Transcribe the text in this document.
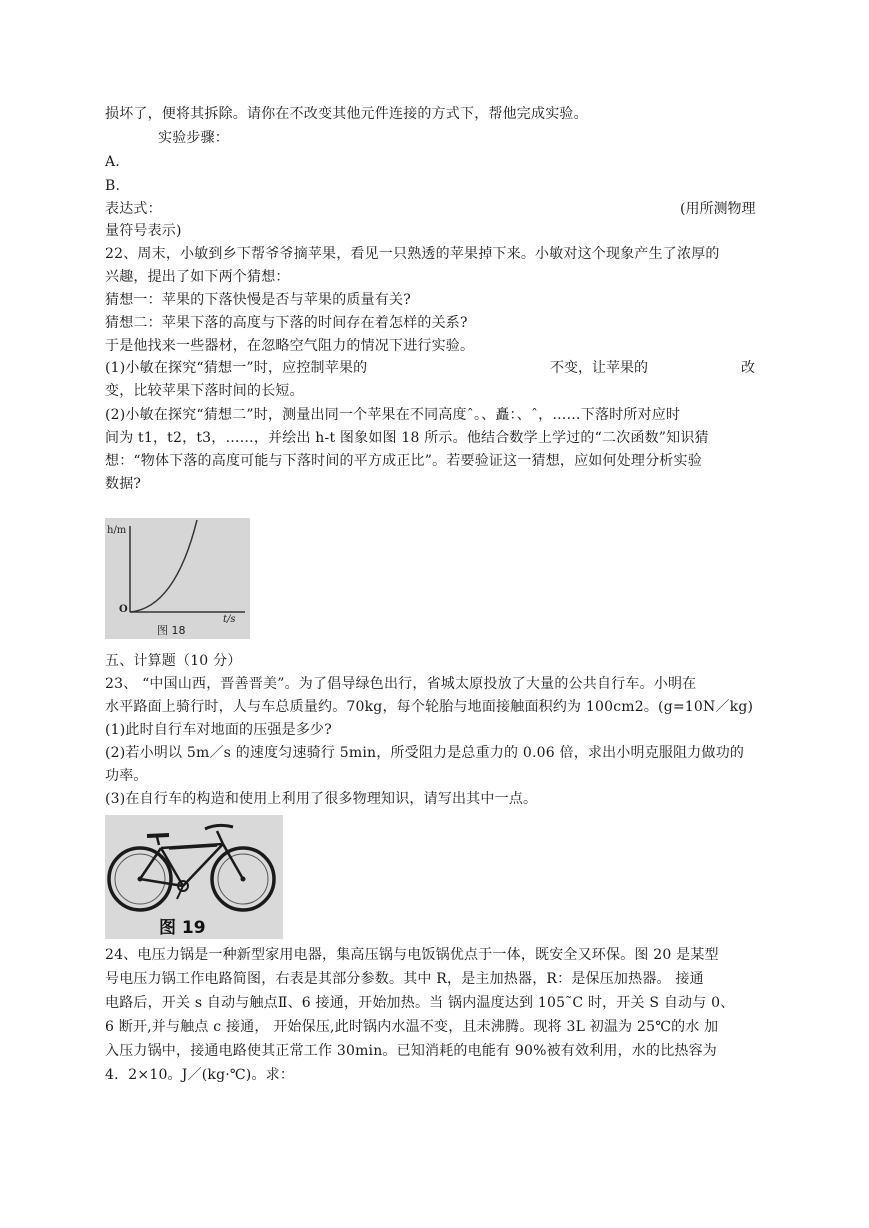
损坏了，便将其拆除。请你在不改变其他元件连接的方式下，帮他完成实验。
实验步骤：
A.
B.
表达式：	(用所测物理
量符号表示)
22、周末，小敏到乡下帮爷爷摘苹果，看见一只熟透的苹果掉下来。小敏对这个现象产生了浓厚的
兴趣，提出了如下两个猜想：
猜想一：苹果的下落快慢是否与苹果的质量有关?
猜想二：苹果下落的高度与下落的时间存在着怎样的关系?
于是他找来一些器材，在忽略空气阻力的情况下进行实验。
(1)小敏在探究“猜想一”时，应控制苹果的	不变，让苹果的	改
变，比较苹果下落时间的长短。
(2)小敏在探究“猜想二”时，测量出同一个苹果在不同高度ˆ。、矗：、ˆ，……下落时所对应时
间为 t1，t2，t3，……，并绘出 h-t 图象如图 18 所示。他结合数学上学过的“二次函数”知识猜
想：“物体下落的高度可能与下落时间的平方成正比”。若要验证这一猜想，应如何处理分析实验
数据?
h/m
O
t/s
图 18
五、计算题（10 分）
23、 “中国山西，晋善晋美”。为了倡导绿色出行，省城太原投放了大量的公共自行车。小明在
水平路面上骑行时，人与车总质量约。70kg，每个轮胎与地面接触面积约为 100cm2。(g=10N／kg)
(1)此时自行车对地面的压强是多少?
(2)若小明以 5m／s 的速度匀速骑行 5min，所受阻力是总重力的 0.06 倍，求出小明克服阻力做功的
功率。
(3)在自行车的构造和使用上利用了很多物理知识，请写出其中一点。
图 19
24、电压力锅是一种新型家用电器，集高压锅与电饭锅优点于一体，既安全又环保。图 20 是某型
号电压力锅工作电路简图，右表是其部分参数。其中 R，是主加热器，R：是保压加热器。 接通
电路后，开关 s 自动与触点Ⅱ、6 接通，开始加热。当 锅内温度达到 105˜C 时，开关 S 自动与 0、
6 断开,并与触点 c 接通， 开始保压,此时锅内水温不变，且未沸腾。现将 3L 初温为 25℃的水 加
入压力锅中，接通电路使其正常工作 30min。已知消耗的电能有 90%被有效利用，水的比热容为
4．2×10。J／(kg·℃)。求：
